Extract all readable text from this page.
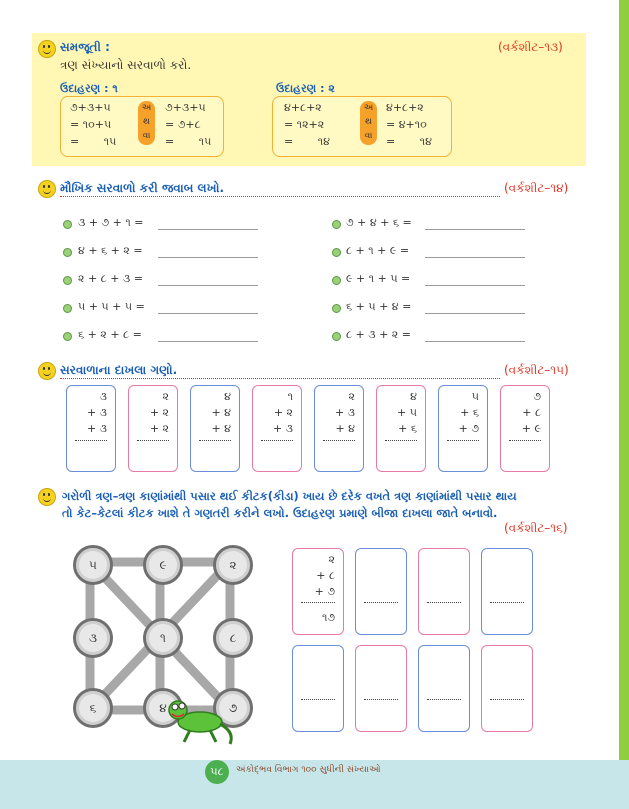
સમજૂતી :	(વર્કશીટ–૧૩)
ત્રણ સંખ્યાનો સરવાળો કરો.
ઉદાહરણ : ૧
૭+૩+૫
= ૧૦+૫
=       ૧૫
અ
થ
વા
૭+૩+૫
= ૭+૮
=       ૧૫
ઉદાહરણ : ૨
૪+૮+૨
= ૧૨+૨
=       ૧૪
અ
થ
વા
૪+૮+૨
= ૪+૧૦
=       ૧૪
મૌખિક સરવાળો કરી જવાબ લખો.	(વર્કશીટ–૧૪)
૩ + ૭ + ૧ =	૭ + ૪ + ૬ =
૪ + ૬ + ૨ =	૮ + ૧ + ૯ =
૨ + ૮ + ૩ =	૯ + ૧ + ૫ =
૫ + ૫ + ૫ =	૬ + ૫ + ૪ =
૬ + ૨ + ૮ =	૮ + ૩ + ૨ =
સરવાળાના દાખલા ગણો.	(વર્કશીટ–૧૫)
૩
+ ૩
+ ૩
૨
+ ૨
+ ૨
૪
+ ૪
+ ૪
૧
+ ૨
+ ૩
૨
+ ૩
+ ૪
૪
+ ૫
+ ૬
૫
+ ૬
+ ૭
૭
+ ૮
+ ૯
ગરોળી ત્રણ–ત્રણ કાણાંમાંથી પસાર થઈ કીટક(કીડા) ખાય છે દરેક વખતે ત્રણ કાણાંમાંથી પસાર થાય
તો કેટ–કેટલાં કીટક ખાશે તે ગણતરી કરીને લખો. ઉદાહરણ પ્રમાણે બીજા દાખલા જાતે બનાવો.
(વર્કશીટ–૧૬)
૫	૯	૨
૩	૧	૮
૬	૪	૭
૨
+ ૮
+ ૭
૧૭
૫૮	અંકોદ્ભવ વિભાગ ૧૦૦ સુધીની સંખ્યાઓ
